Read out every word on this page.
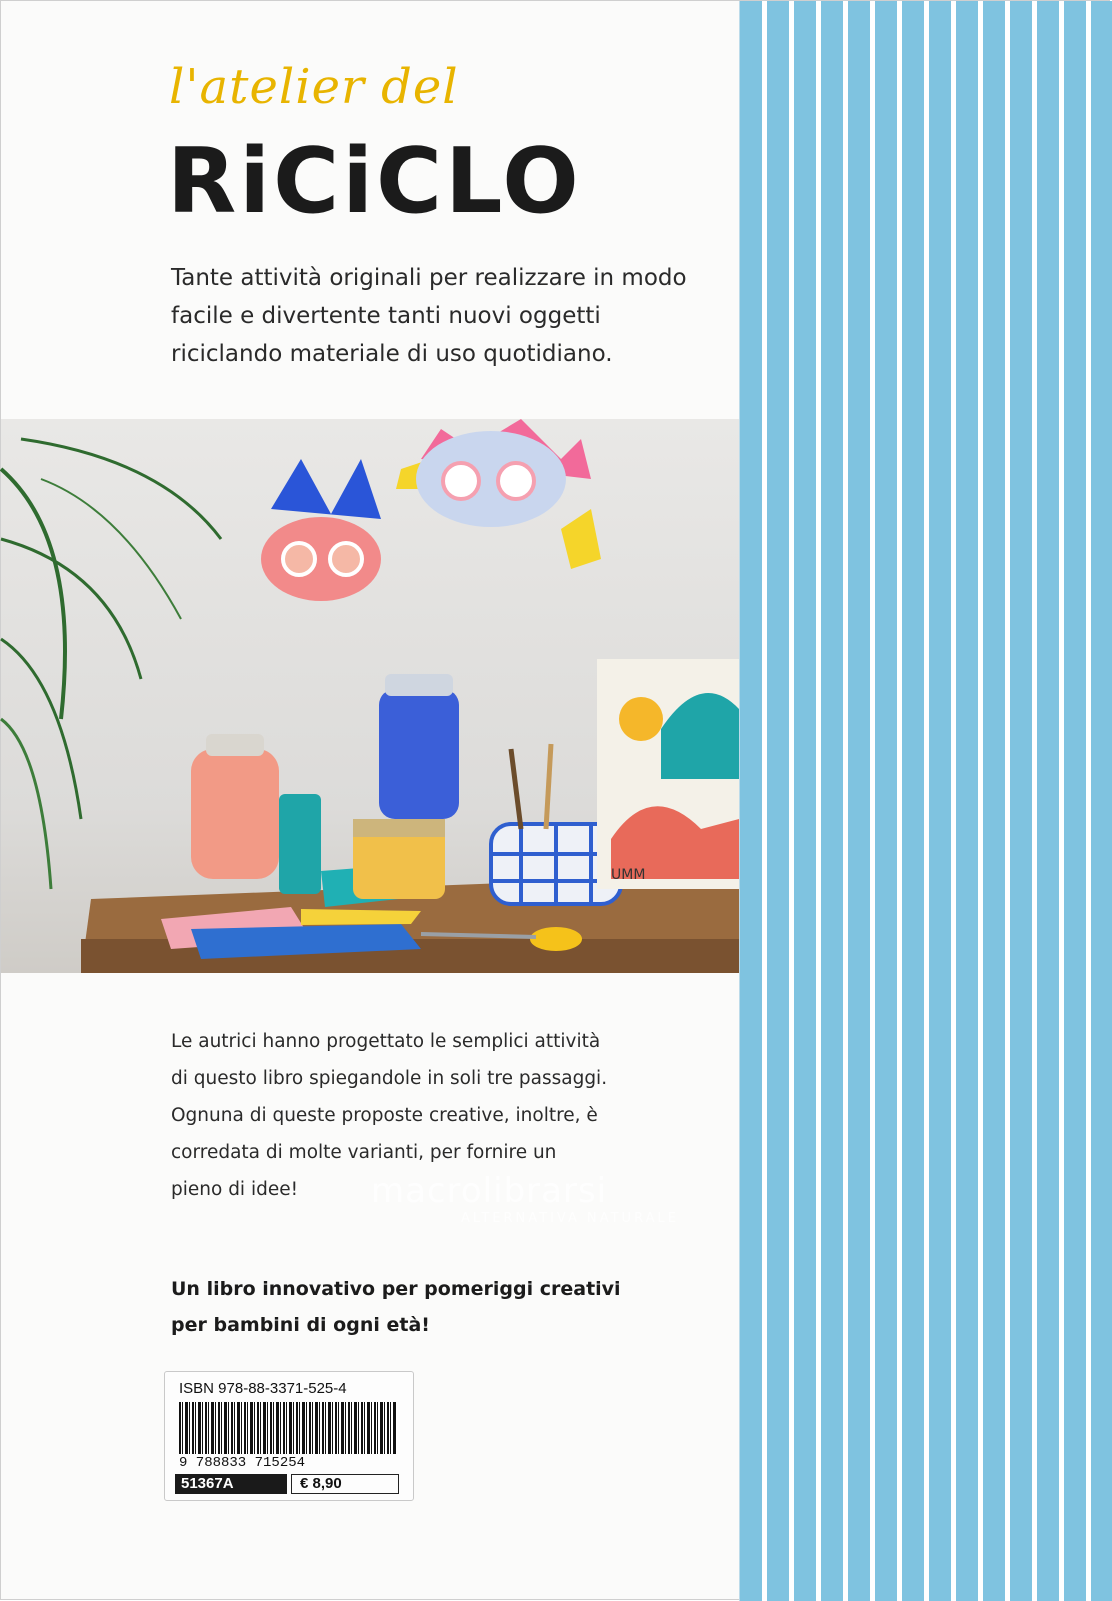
l'atelier del
RiCiCLO
Tante attività originali per realizzare in modo facile e divertente tanti nuovi oggetti riciclando materiale di uso quotidiano.
UMM
macrolibrarsi
ALTERNATIVA NATURALE
Le autrici hanno progettato le semplici attività di questo libro spiegandole in soli tre passaggi. Ognuna di queste proposte creative, inoltre, è corredata di molte varianti, per fornire un pieno di idee!
Un libro innovativo per pomeriggi creativi per bambini di ogni età!
ISBN 978-88-3371-525-4
9 788833 715254
51367A	€ 8,90
